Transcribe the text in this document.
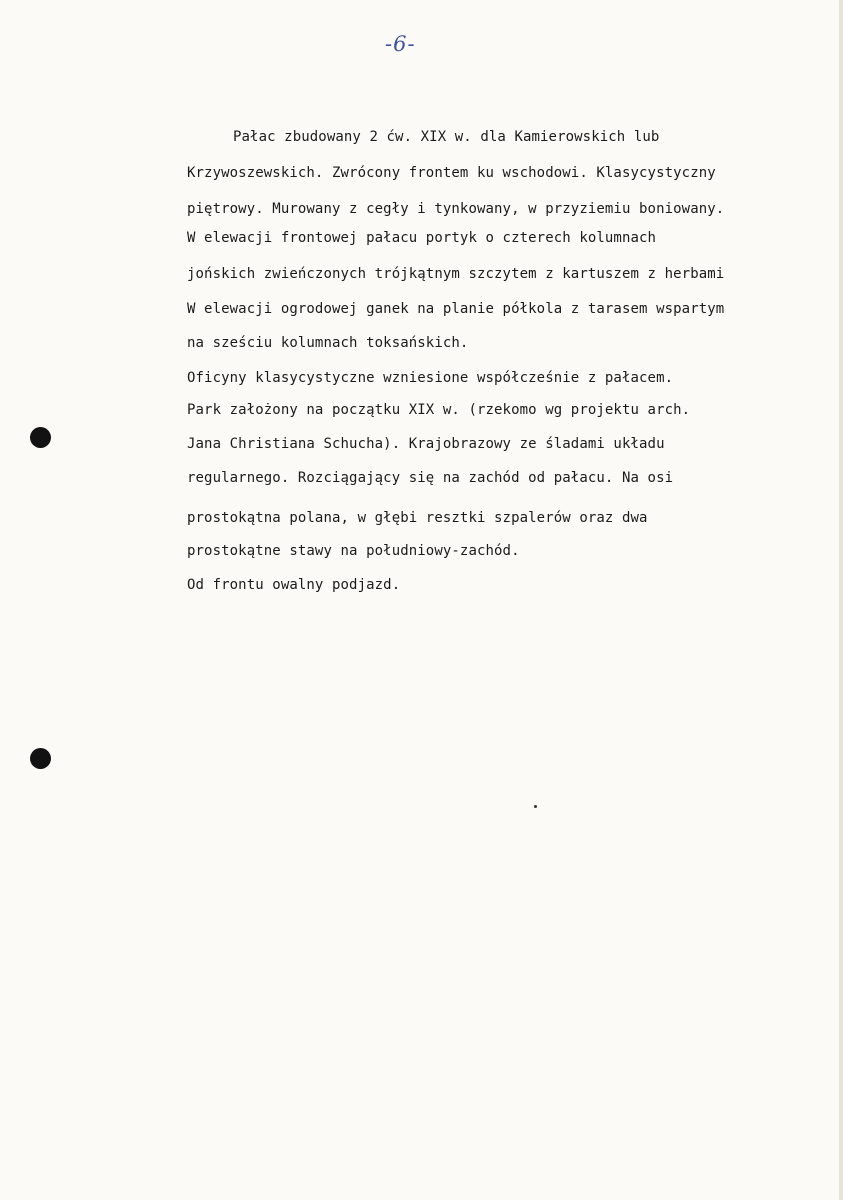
-6-

Pałac zbudowany 2 ćw. XIX w. dla Kamierowskich lub

Krzywoszewskich. Zwrócony frontem ku wschodowi. Klasycystyczny

piętrowy. Murowany z cegły i tynkowany, w przyziemiu boniowany.

W elewacji frontowej pałacu portyk o czterech kolumnach

jońskich zwieńczonych trójkątnym szczytem z kartuszem z herbami

W elewacji ogrodowej ganek na planie półkola z tarasem wspartym

na sześciu kolumnach toksańskich.

Oficyny klasycystyczne wzniesione współcześnie z pałacem.

Park założony na początku XIX w. (rzekomo wg projektu arch.

Jana Christiana Schucha). Krajobrazowy ze śladami układu

regularnego. Rozciągający się na zachód od pałacu. Na osi

prostokątna polana, w głębi resztki szpalerów oraz dwa

prostokątne stawy na południowy-zachód.

Od frontu owalny podjazd.
